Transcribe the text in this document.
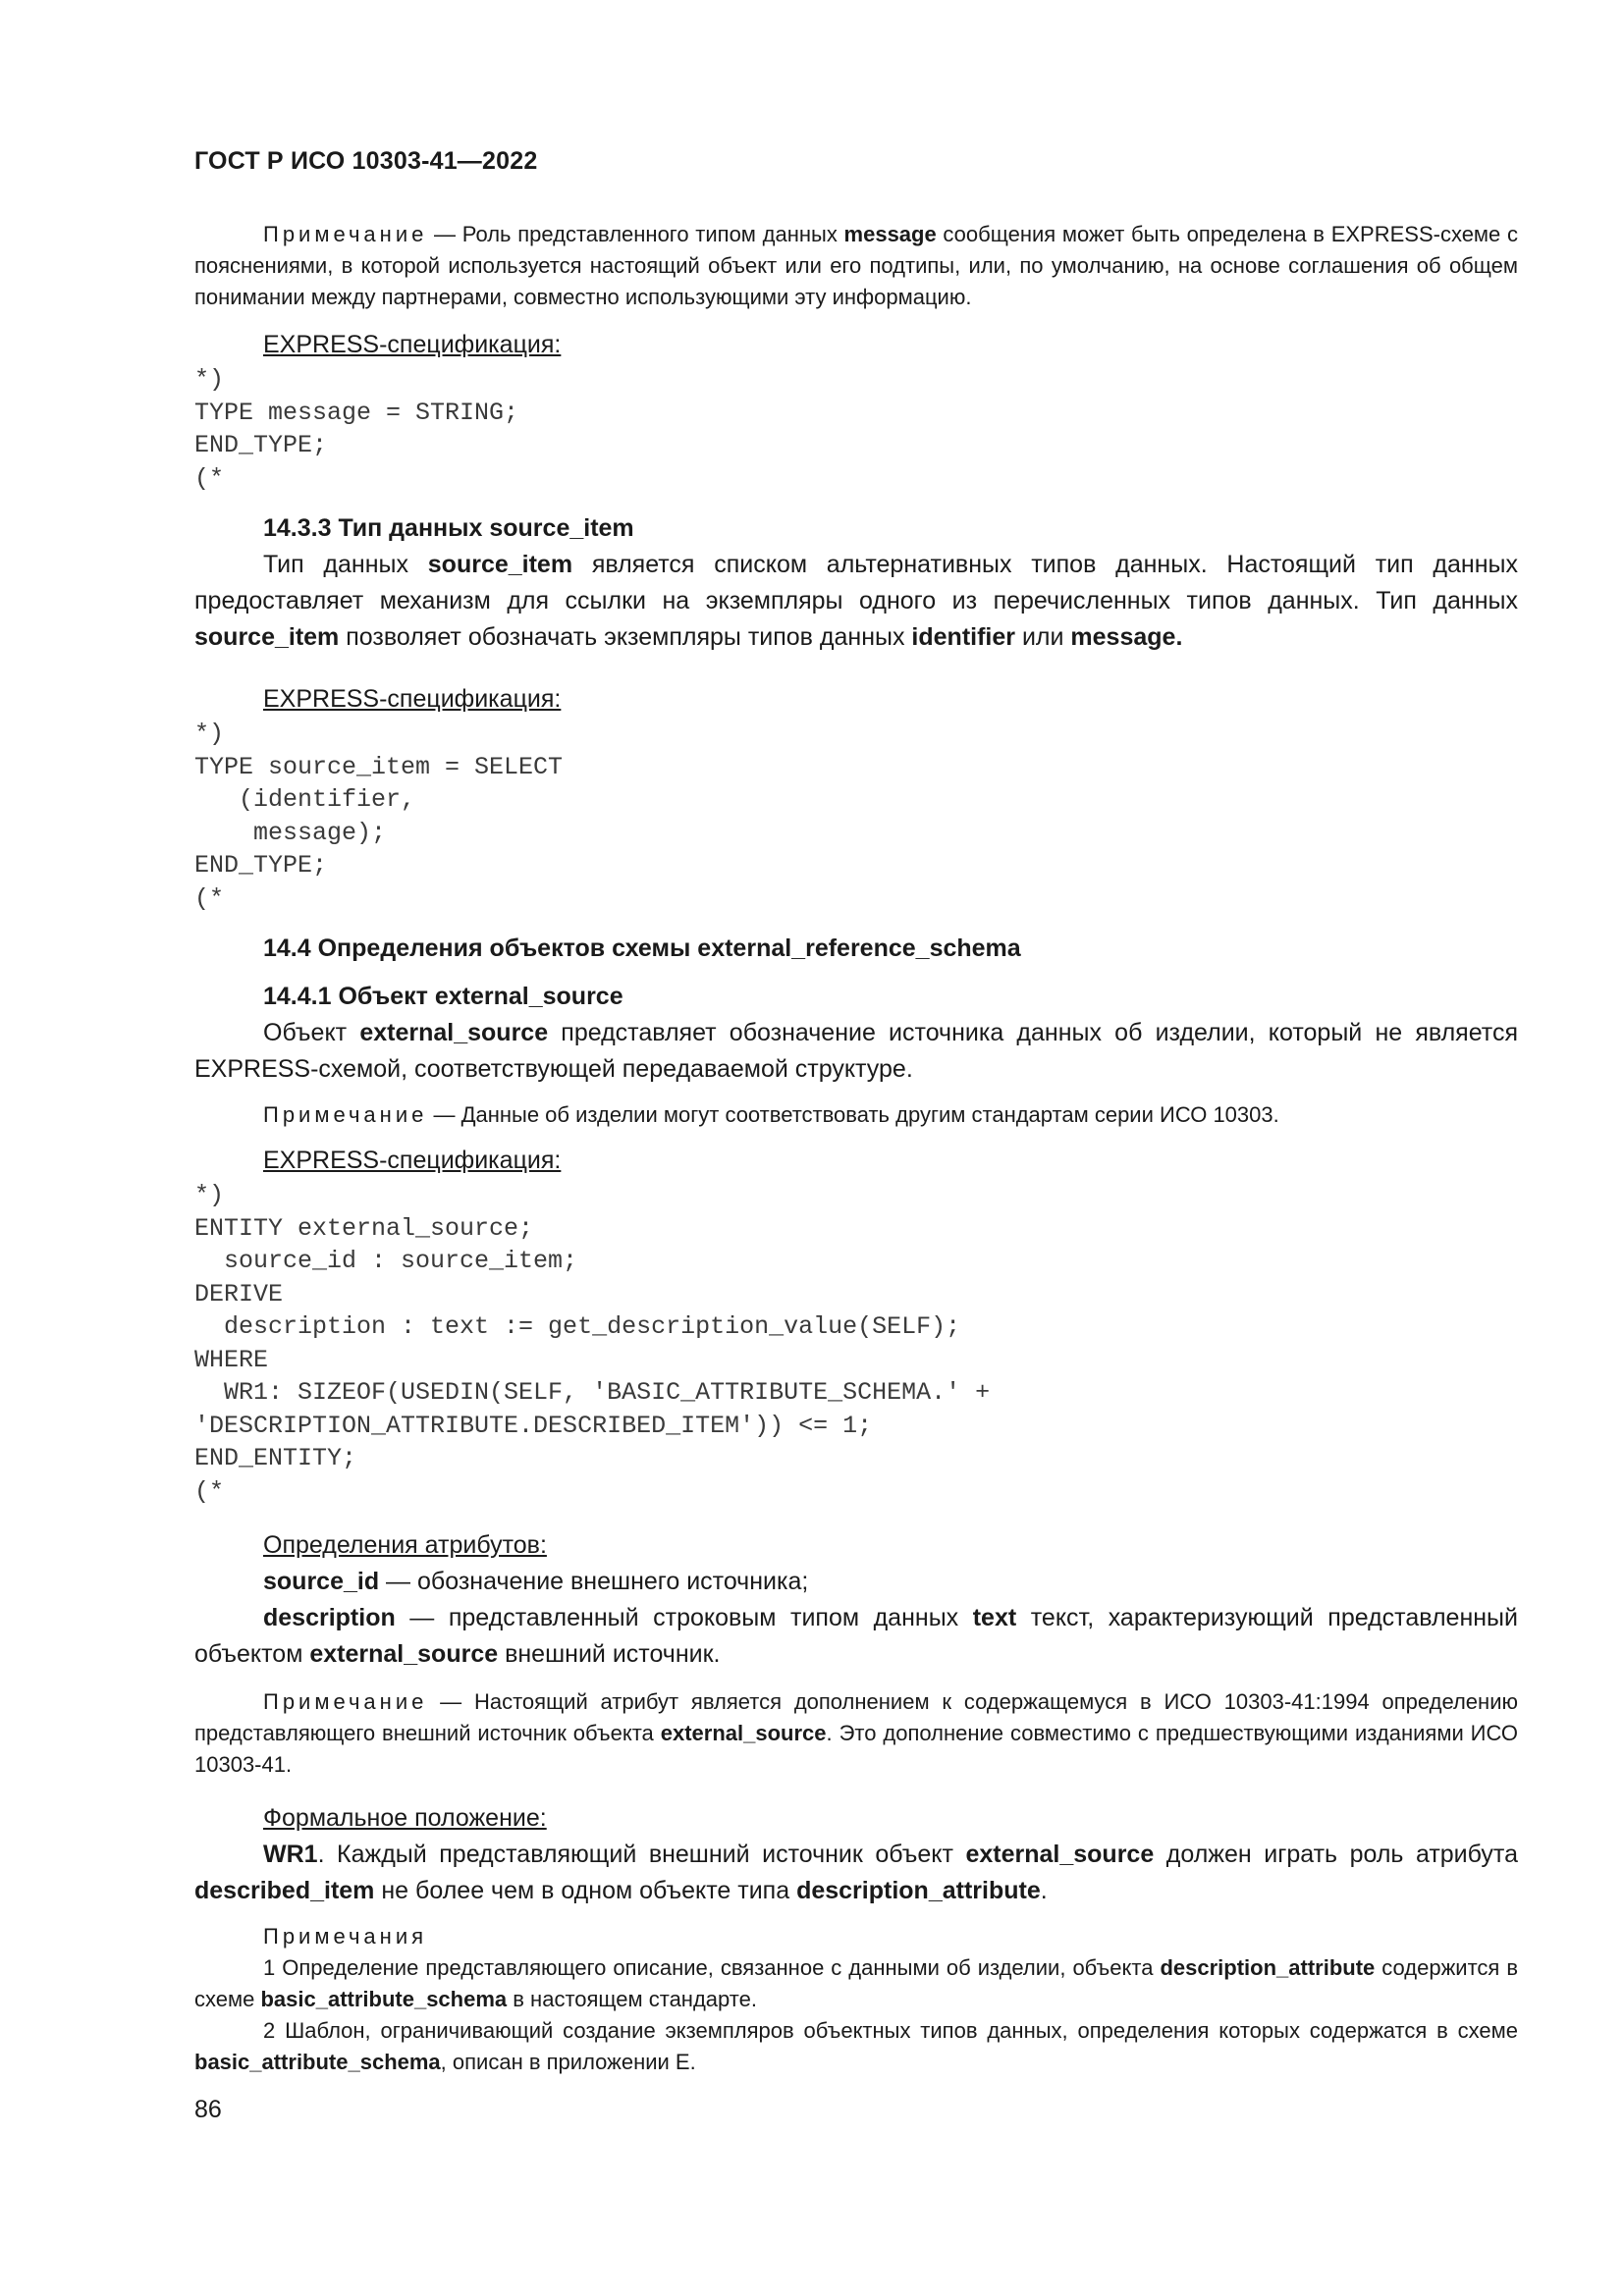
ГОСТ Р ИСО 10303-41—2022

Примечание — Роль представленного типом данных message сообщения может быть определена в EXPRESS-схеме с пояснениями, в которой используется настоящий объект или его подтипы, или, по умолчанию, на основе соглашения об общем понимании между партнерами, совместно использующими эту информацию.

EXPRESS-спецификация:

*)
TYPE message = STRING;
END_TYPE;
(*

14.3.3 Тип данных source_item

Тип данных source_item является списком альтернативных типов данных. Настоящий тип данных предоставляет механизм для ссылки на экземпляры одного из перечисленных типов данных. Тип данных source_item позволяет обозначать экземпляры типов данных identifier или message.

EXPRESS-спецификация:

*)
TYPE source_item = SELECT
(identifier,
message);
END_TYPE;
(*

14.4 Определения объектов схемы external_reference_schema

14.4.1 Объект external_source

Объект external_source представляет обозначение источника данных об изделии, который не является EXPRESS-схемой, соответствующей передаваемой структуре.

Примечание — Данные об изделии могут соответствовать другим стандартам серии ИСО 10303.

EXPRESS-спецификация:

*)
ENTITY external_source;
source_id : source_item;
DERIVE
description : text := get_description_value(SELF);
WHERE
WR1: SIZEOF(USEDIN(SELF, 'BASIC_ATTRIBUTE_SCHEMA.' +
'DESCRIPTION_ATTRIBUTE.DESCRIBED_ITEM')) <= 1;
END_ENTITY;
(*

Определения атрибутов:

source_id — обозначение внешнего источника;

description — представленный строковым типом данных text текст, характеризующий представленный объектом external_source внешний источник.

Примечание — Настоящий атрибут является дополнением к содержащемуся в ИСО 10303-41:1994 определению представляющего внешний источник объекта external_source. Это дополнение совместимо с предшествующими изданиями ИСО 10303-41.

Формальное положение:

WR1. Каждый представляющий внешний источник объект external_source должен играть роль атрибута described_item не более чем в одном объекте типа description_attribute.

Примечания

1 Определение представляющего описание, связанное с данными об изделии, объекта description_attribute содержится в схеме basic_attribute_schema в настоящем стандарте.

2 Шаблон, ограничивающий создание экземпляров объектных типов данных, определения которых содержатся в схеме basic_attribute_schema, описан в приложении E.

86
